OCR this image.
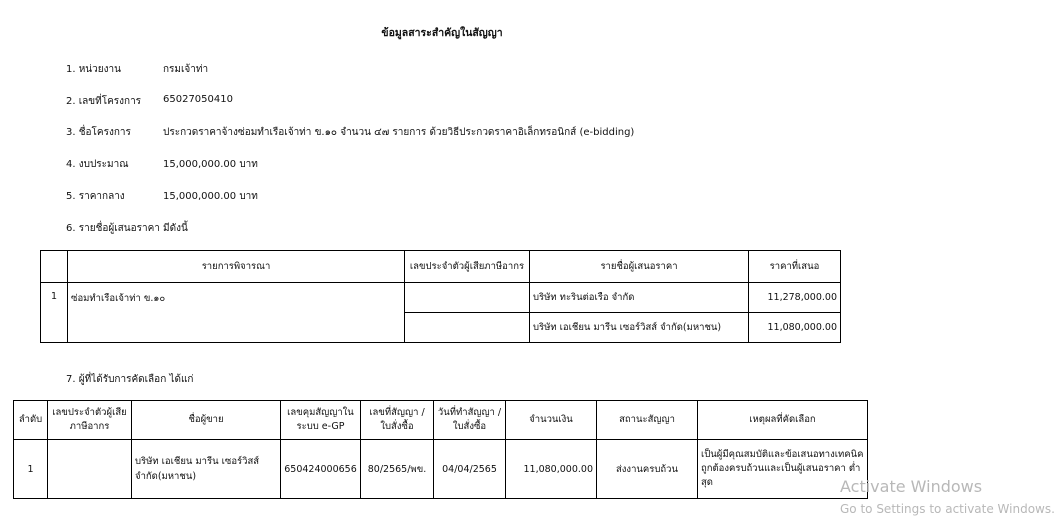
ข้อมูลสาระสำคัญในสัญญา
1. หน่วยงาน	กรมเจ้าท่า
2. เลขที่โครงการ	65027050410
3. ชื่อโครงการ	ประกวดราคาจ้างซ่อมทำเรือเจ้าท่า ข.๑๐ จำนวน ๔๗ รายการ ด้วยวิธีประกวดราคาอิเล็กทรอนิกส์ (e-bidding)
4. งบประมาณ	15,000,000.00 บาท
5. ราคากลาง	15,000,000.00 บาท
6. รายชื่อผู้เสนอราคา มีดังนี้
	รายการพิจารณา	เลขประจำตัวผู้เสียภาษีอากร	รายชื่อผู้เสนอราคา	ราคาที่เสนอ
1	ซ่อมทำเรือเจ้าท่า ข.๑๐		บริษัท ทะรินต่อเรือ จำกัด	11,278,000.00
			บริษัท เอเชียน มารีน เซอร์วิสส์ จำกัด(มหาชน)	11,080,000.00
7. ผู้ที่ได้รับการคัดเลือก ได้แก่
ลำดับ	เลขประจำตัวผู้เสียภาษีอากร	ชื่อผู้ขาย	เลขคุมสัญญาในระบบ e-GP	เลขที่สัญญา / ใบสั่งซื้อ	วันที่ทำสัญญา / ใบสั่งซื้อ	จำนวนเงิน	สถานะสัญญา	เหตุผลที่คัดเลือก
1		บริษัท เอเชียน มารีน เซอร์วิสส์ จำกัด(มหาชน)	650424000656	80/2565/พข.	04/04/2565	11,080,000.00	ส่งงานครบถ้วน	เป็นผู้มีคุณสมบัติและข้อเสนอทางเทคนิคถูกต้องครบถ้วนและเป็นผู้เสนอราคา ต่ำสุด	Activate Windows
Go to Settings to activate Windows.
